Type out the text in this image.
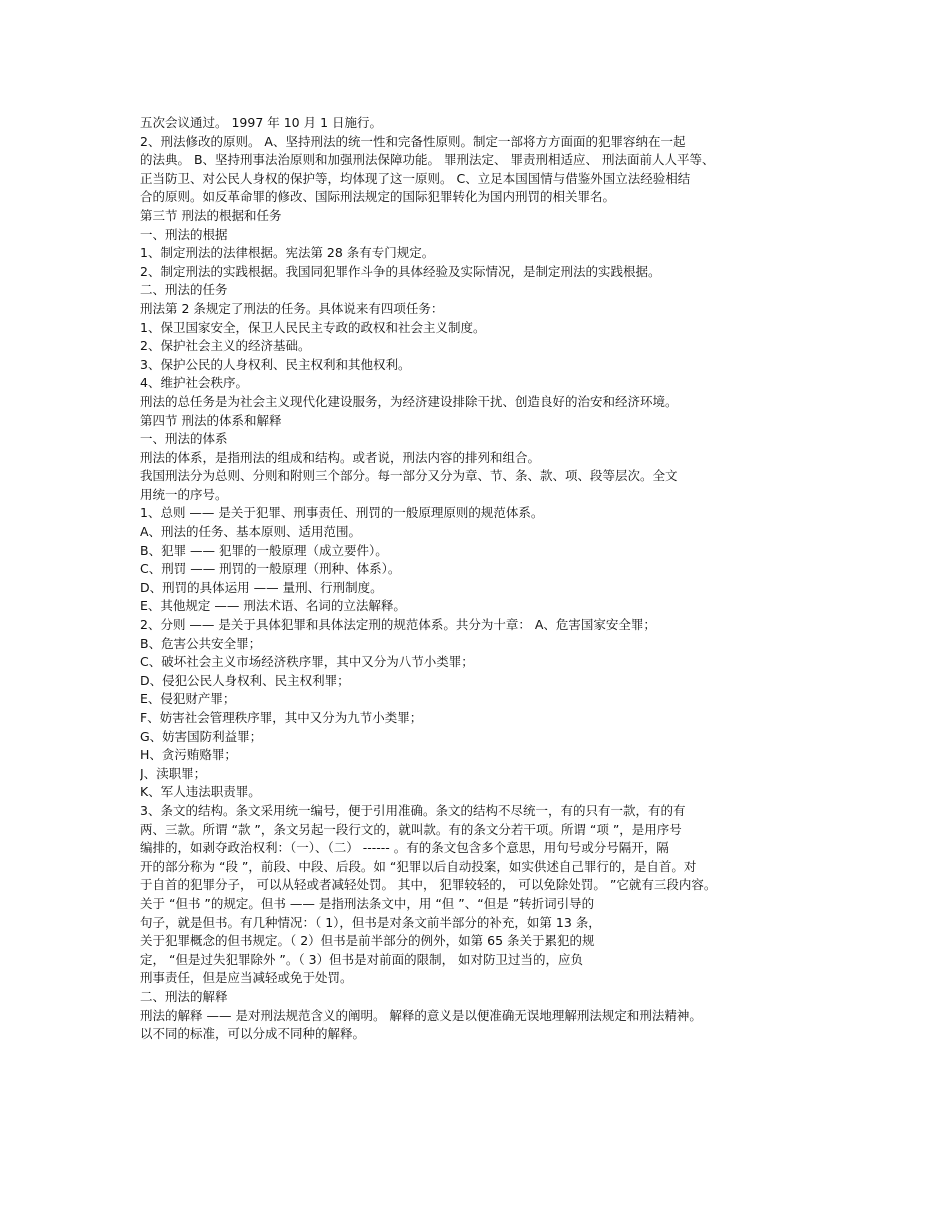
五次会议通过。 1997 年 10 月 1 日施行。
2、刑法修改的原则。 A、坚持刑法的统一性和完备性原则。制定一部将方方面面的犯罪容纳在一起
的法典。 B、坚持刑事法治原则和加强刑法保障功能。 罪刑法定、 罪责刑相适应、 刑法面前人人平等、
正当防卫、对公民人身权的保护等，均体现了这一原则。 C、立足本国国情与借鉴外国立法经验相结
合的原则。如反革命罪的修改、国际刑法规定的国际犯罪转化为国内刑罚的相关罪名。
第三节 刑法的根据和任务
一、刑法的根据
1、制定刑法的法律根据。宪法第 28 条有专门规定。
2、制定刑法的实践根据。我国同犯罪作斗争的具体经验及实际情况，是制定刑法的实践根据。
二、刑法的任务
刑法第 2 条规定了刑法的任务。具体说来有四项任务：
1、保卫国家安全，保卫人民民主专政的政权和社会主义制度。
2、保护社会主义的经济基础。
3、保护公民的人身权利、民主权利和其他权利。
4、维护社会秩序。
刑法的总任务是为社会主义现代化建设服务，为经济建设排除干扰、创造良好的治安和经济环境。
第四节 刑法的体系和解释
一、刑法的体系
刑法的体系，是指刑法的组成和结构。或者说，刑法内容的排列和组合。
我国刑法分为总则、分则和附则三个部分。每一部分又分为章、节、条、款、项、段等层次。全文
用统一的序号。
1、总则 —— 是关于犯罪、刑事责任、刑罚的一般原理原则的规范体系。
A、刑法的任务、基本原则、适用范围。
B、犯罪 —— 犯罪的一般原理（成立要件）。
C、刑罚 —— 刑罚的一般原理（刑种、体系）。
D、刑罚的具体运用 —— 量刑、行刑制度。
E、其他规定 —— 刑法术语、名词的立法解释。
2、分则 —— 是关于具体犯罪和具体法定刑的规范体系。共分为十章： A、危害国家安全罪；
B、危害公共安全罪；
C、破坏社会主义市场经济秩序罪，其中又分为八节小类罪；
D、侵犯公民人身权利、民主权利罪；
E、侵犯财产罪；
F、妨害社会管理秩序罪，其中又分为九节小类罪；
G、妨害国防利益罪；
H、贪污贿赂罪；
J、渎职罪；
K、军人违法职责罪。
3、条文的结构。条文采用统一编号，便于引用准确。条文的结构不尽统一，有的只有一款，有的有
两、三款。所谓 “款 ”，条文另起一段行文的，就叫款。有的条文分若干项。所谓 “项 ”，是用序号
编排的，如剥夺政治权利：（一）、（二） ------ 。有的条文包含多个意思，用句号或分号隔开，隔
开的部分称为 “段 ”，前段、中段、后段。如 “犯罪以后自动投案，如实供述自己罪行的，是自首。对
于自首的犯罪分子， 可以从轻或者减轻处罚。 其中， 犯罪较轻的， 可以免除处罚。 ”它就有三段内容。
关于 “但书 ”的规定。但书 —— 是指刑法条文中，用 “但 ”、“但是 ”转折词引导的
句子，就是但书。有几种情况：（ 1），但书是对条文前半部分的补充，如第 13 条，
关于犯罪概念的但书规定。（ 2）但书是前半部分的例外，如第 65 条关于累犯的规
定， “但是过失犯罪除外 ”。（ 3）但书是对前面的限制， 如对防卫过当的，应负
刑事责任，但是应当减轻或免于处罚。
二、刑法的解释
刑法的解释 —— 是对刑法规范含义的阐明。 解释的意义是以便准确无误地理解刑法规定和刑法精神。
以不同的标准，可以分成不同种的解释。
